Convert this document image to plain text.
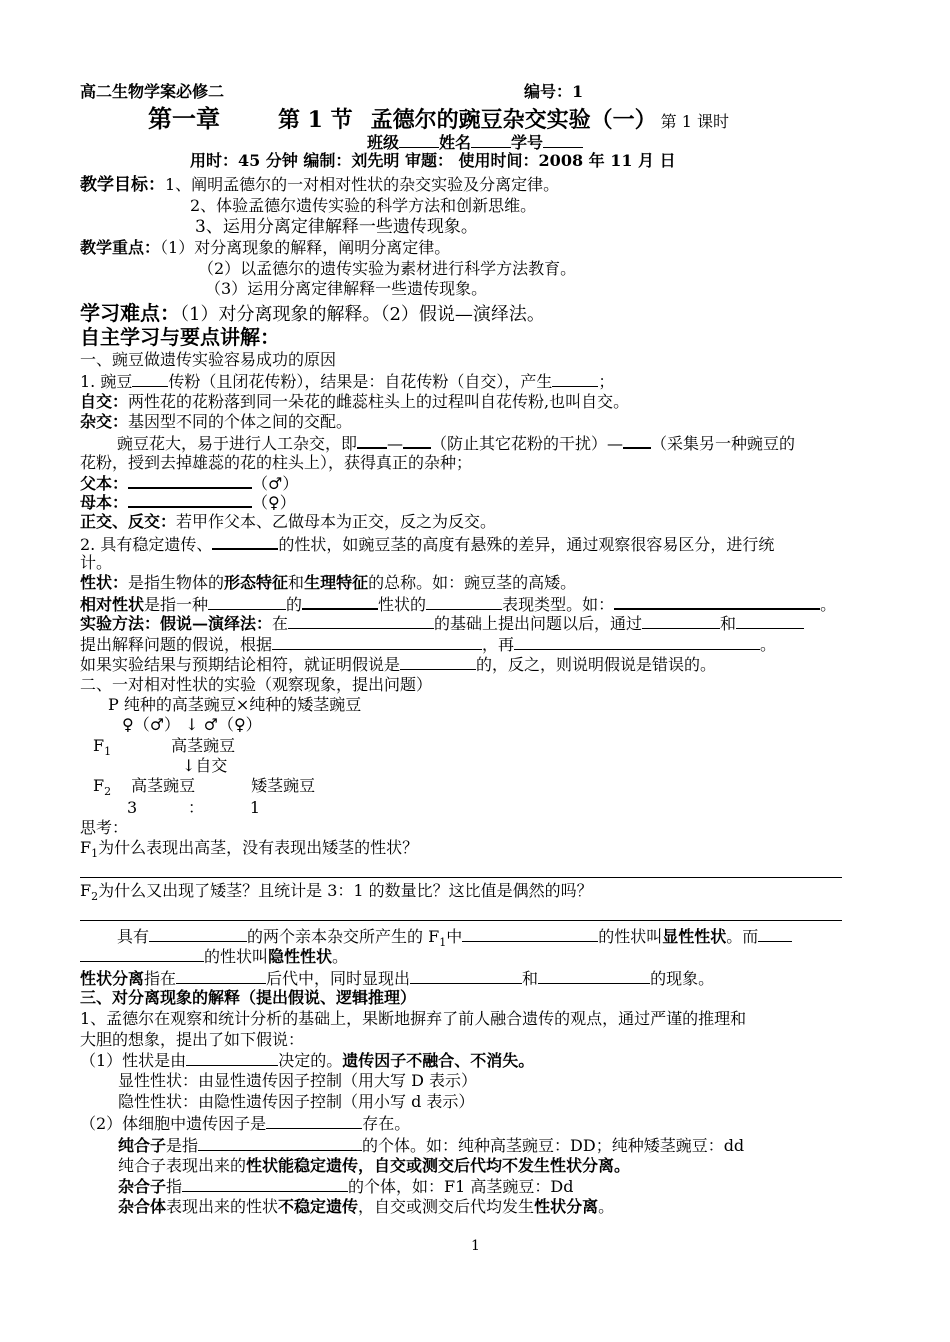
高二生物学案必修二	编号：1
第一章	第 1 节 孟德尔的豌豆杂交实验（一） 第 1 课时
班级	姓名	学号
用时：45 分钟 编制：刘先明 审题： 使用时间：2008 年 11 月 日
教学目标：1、阐明孟德尔的一对相对性状的杂交实验及分离定律。
2、体验孟德尔遗传实验的科学方法和创新思维。
3、运用分离定律解释一些遗传现象。
教学重点：（1）对分离现象的解释，阐明分离定律。
（2）以孟德尔的遗传实验为素材进行科学方法教育。
（3）运用分离定律解释一些遗传现象。
学习难点：（1）对分离现象的解释。（2）假说—演绎法。
自主学习与要点讲解：
一、豌豆做遗传实验容易成功的原因
1. 豌豆 传粉（且闭花传粉），结果是：自花传粉（自交），产生	；
自交：两性花的花粉落到同一朵花的雌蕊柱头上的过程叫自花传粉,也叫自交。
杂交：基因型不同的个体之间的交配。
豌豆花大，易于进行人工杂交，即 — （防止其它花粉的干扰）— （采集另一种豌豆的
花粉，授到去掉雄蕊的花的柱头上），获得真正的杂种；
父本：	（♂）
母本：	（♀）
正交、反交：若甲作父本、乙做母本为正交，反之为反交。
2. 具有稳定遗传、	的性状，如豌豆茎的高度有悬殊的差异，通过观察很容易区分，进行统
计。
性状：是指生物体的形态特征和生理特征的总称。如：豌豆茎的高矮。
相对性状是指一种	的	性状的	表现类型。如：	。
实验方法：假说—演绎法：在	的基础上提出问题以后，通过	和
提出解释问题的假说，根据	，再	。
如果实验结果与预期结论相符，就证明假说是	的，反之，则说明假说是错误的。
二、一对相对性状的实验（观察现象，提出问题）
P 纯种的高茎豌豆×纯种的矮茎豌豆
♀（♂） ↓ ♂（♀）
$F_1$	高茎豌豆
↓自交
$F_2$ 高茎豌豆	矮茎豌豆
3          ：         1
思考：
$F_1$为什么表现出高茎，没有表现出矮茎的性状？
$F_2$为什么又出现了矮茎？且统计是 3：1 的数量比？这比值是偶然的吗？
具有	的两个亲本杂交所产生的 $F_1$中	的性状叫显性性状。而
的性状叫隐性性状。
性状分离指在	后代中，同时显现出	和	的现象。
三、对分离现象的解释（提出假说、逻辑推理）
1、孟德尔在观察和统计分析的基础上，果断地摒弃了前人融合遗传的观点，通过严谨的推理和
大胆的想象，提出了如下假说：
（1）性状是由	决定的。遗传因子不融合、不消失。
显性性状：由显性遗传因子控制（用大写 D 表示）
隐性性状：由隐性遗传因子控制（用小写 d 表示）
（2）体细胞中遗传因子是	存在。
纯合子是指	的个体。如：纯种高茎豌豆：DD；纯种矮茎豌豆：dd
纯合子表现出来的性状能稳定遗传，自交或测交后代均不发生性状分离。
杂合子指	的个体，如：F1 高茎豌豆：Dd
杂合体表现出来的性状不稳定遗传，自交或测交后代均发生性状分离。
1
